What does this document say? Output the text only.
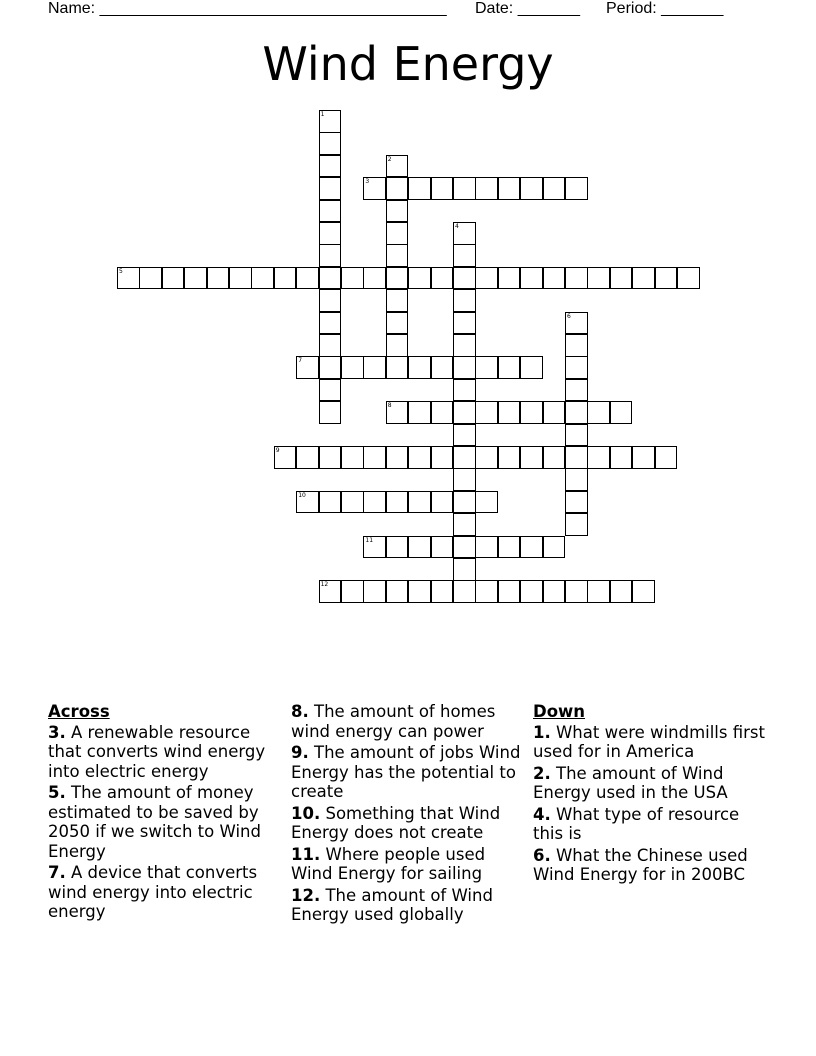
Name: _______________________________________

Date: _______

Period: _______

Wind Energy
1
2
3
4
5
6
7
8
9
10
11
12
Across
3. A renewable resource that converts wind energy into electric energy
5. The amount of money estimated to be saved by 2050 if we switch to Wind Energy
7. A device that converts wind energy into electric energy
8. The amount of homes wind energy can power
9. The amount of jobs Wind Energy has the potential to create
10. Something that Wind Energy does not create
11. Where people used Wind Energy for sailing
12. The amount of Wind Energy used globally
Down
1. What were windmills first used for in America
2. The amount of Wind Energy used in the USA
4. What type of resource this is
6. What the Chinese used Wind Energy for in 200BC
